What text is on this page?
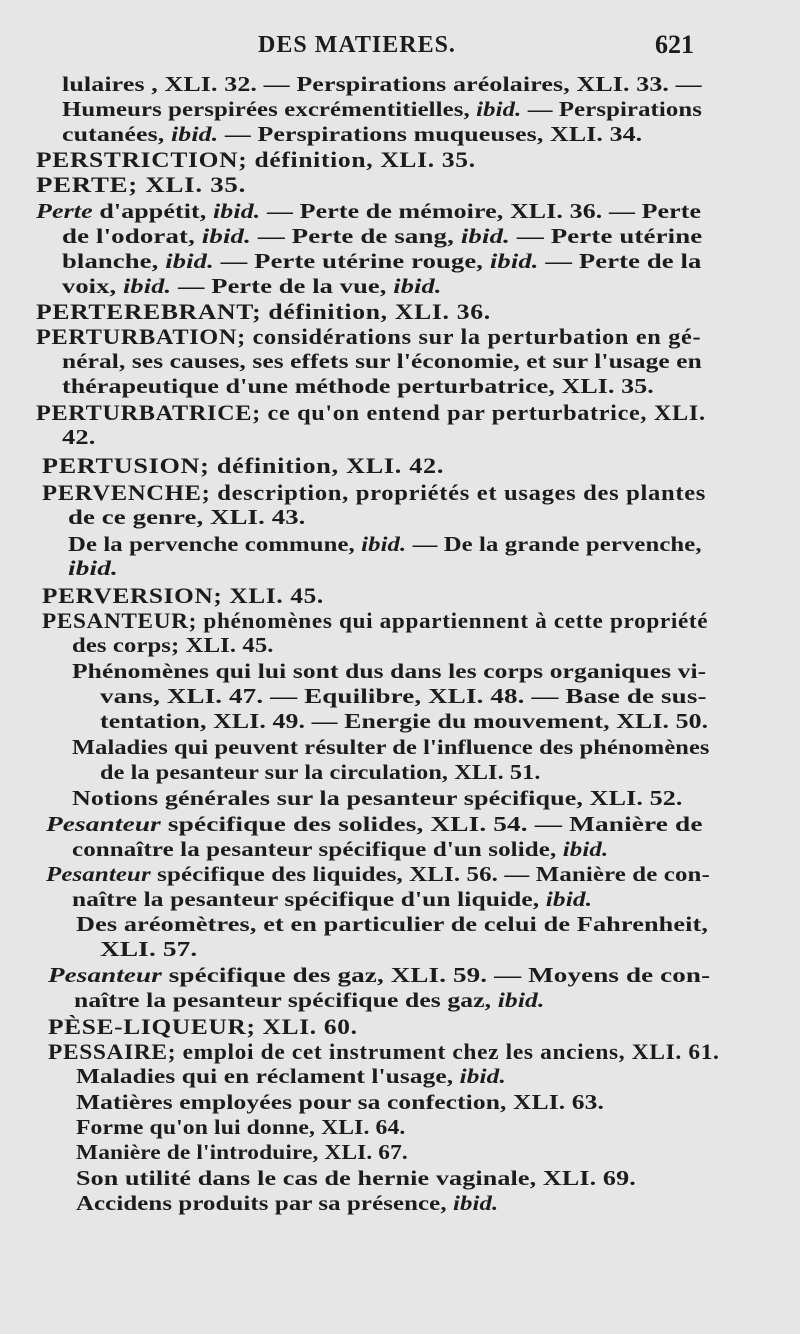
DES MATIERES.	621
lulaires , XLI. 32. — Perspirations aréolaires, XLI. 33. —
Humeurs perspirées excrémentitielles, ibid. — Perspirations
cutanées, ibid. — Perspirations muqueuses, XLI. 34.
PERSTRICTION; définition, XLI. 35.
PERTE; XLI. 35.
Perte d'appétit, ibid. — Perte de mémoire, XLI. 36. — Perte
de l'odorat, ibid. — Perte de sang, ibid. — Perte utérine
blanche, ibid. — Perte utérine rouge, ibid. — Perte de la
voix, ibid. — Perte de la vue, ibid.
PERTEREBRANT; définition, XLI. 36.
PERTURBATION; considérations sur la perturbation en gé-
néral, ses causes, ses effets sur l'économie, et sur l'usage en
thérapeutique d'une méthode perturbatrice, XLI. 35.
PERTURBATRICE; ce qu'on entend par perturbatrice, XLI.
42.
PERTUSION; définition, XLI. 42.
PERVENCHE; description, propriétés et usages des plantes
de ce genre, XLI. 43.
De la pervenche commune, ibid. — De la grande pervenche,
ibid.
PERVERSION; XLI. 45.
PESANTEUR; phénomènes qui appartiennent à cette propriété
des corps; XLI. 45.
Phénomènes qui lui sont dus dans les corps organiques vi-
vans, XLI. 47. — Equilibre, XLI. 48. — Base de sus-
tentation, XLI. 49. — Energie du mouvement, XLI. 50.
Maladies qui peuvent résulter de l'influence des phénomènes
de la pesanteur sur la circulation, XLI. 51.
Notions générales sur la pesanteur spécifique, XLI. 52.
Pesanteur spécifique des solides, XLI. 54. — Manière de
connaître la pesanteur spécifique d'un solide, ibid.
Pesanteur spécifique des liquides, XLI. 56. — Manière de con-
naître la pesanteur spécifique d'un liquide, ibid.
Des aréomètres, et en particulier de celui de Fahrenheit,
XLI. 57.
Pesanteur spécifique des gaz, XLI. 59. — Moyens de con-
naître la pesanteur spécifique des gaz, ibid.
PÈSE-LIQUEUR; XLI. 60.
PESSAIRE; emploi de cet instrument chez les anciens, XLI. 61.
Maladies qui en réclament l'usage, ibid.
Matières employées pour sa confection, XLI. 63.
Forme qu'on lui donne, XLI. 64.
Manière de l'introduire, XLI. 67.
Son utilité dans le cas de hernie vaginale, XLI. 69.
Accidens produits par sa présence, ibid.
